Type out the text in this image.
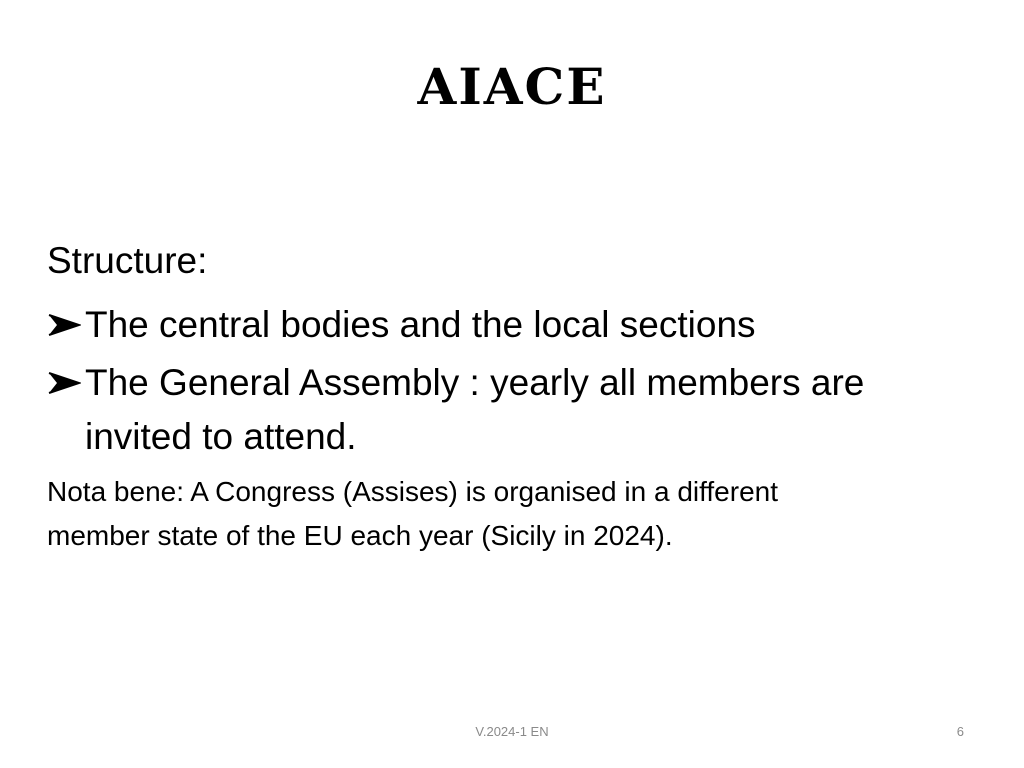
AIACE
Structure:
The central bodies and the local sections
The General Assembly : yearly all members are invited to attend.
Nota bene: A Congress (Assises) is organised in a different member state of the EU each year (Sicily in 2024).
V.2024-1 EN	6
